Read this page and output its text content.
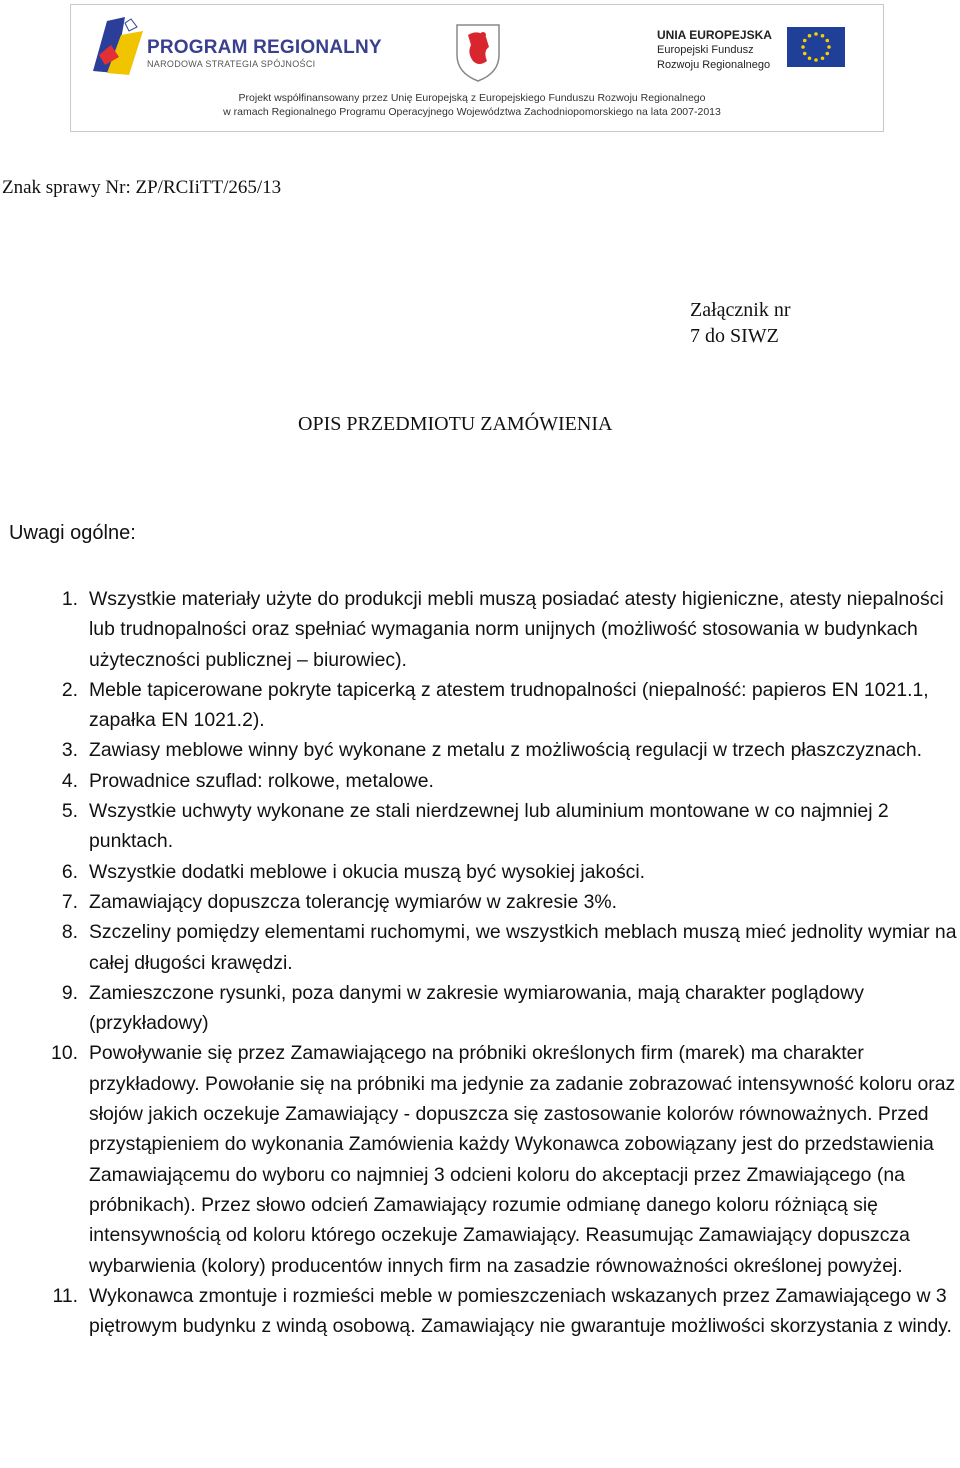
PROGRAM REGIONALNY
NARODOWA STRATEGIA SPÓJNOŚCI
UNIA EUROPEJSKA
Europejski Fundusz
Rozwoju Regionalnego
Projekt współfinansowany przez Unię Europejską z Europejskiego Funduszu Rozwoju Regionalnego
w ramach Regionalnego Programu Operacyjnego Województwa Zachodniopomorskiego na lata 2007-2013
Znak sprawy Nr: ZP/RCIiTT/265/13
Załącznik nr
7 do SIWZ
OPIS PRZEDMIOTU ZAMÓWIENIA
Uwagi ogólne:
1. Wszystkie materiały użyte do produkcji mebli muszą posiadać atesty higieniczne, atesty niepalności lub trudnopalności oraz spełniać wymagania norm unijnych (możliwość stosowania w budynkach użyteczności publicznej – biurowiec).
2. Meble tapicerowane pokryte tapicerką z atestem trudnopalności (niepalność: papieros EN 1021.1, zapałka EN 1021.2).
3. Zawiasy meblowe winny być wykonane z metalu z możliwością regulacji w trzech płaszczyznach.
4. Prowadnice szuflad: rolkowe, metalowe.
5. Wszystkie uchwyty wykonane ze stali nierdzewnej lub aluminium montowane w co najmniej 2 punktach.
6. Wszystkie dodatki meblowe i okucia muszą być wysokiej jakości.
7. Zamawiający dopuszcza tolerancję wymiarów w zakresie 3%.
8. Szczeliny pomiędzy elementami ruchomymi, we wszystkich meblach muszą mieć jednolity wymiar na całej długości krawędzi.
9. Zamieszczone rysunki, poza danymi w zakresie wymiarowania, mają charakter poglądowy (przykładowy)
10. Powoływanie się przez Zamawiającego na próbniki określonych firm (marek) ma charakter przykładowy. Powołanie się na próbniki ma jedynie za zadanie zobrazować intensywność koloru oraz słojów jakich oczekuje Zamawiający - dopuszcza się zastosowanie kolorów równoważnych. Przed przystąpieniem do wykonania Zamówienia każdy Wykonawca zobowiązany jest do przedstawienia Zamawiającemu do wyboru co najmniej 3 odcieni koloru do akceptacji przez Zmawiającego (na próbnikach). Przez słowo odcień Zamawiający rozumie odmianę danego koloru różniącą się intensywnością od koloru którego oczekuje Zamawiający. Reasumując Zamawiający dopuszcza wybarwienia (kolory) producentów innych firm na zasadzie równoważności określonej powyżej.
11. Wykonawca zmontuje i rozmieści meble w pomieszczeniach wskazanych przez Zamawiającego w 3 piętrowym budynku z windą osobową. Zamawiający nie gwarantuje możliwości skorzystania z windy.
